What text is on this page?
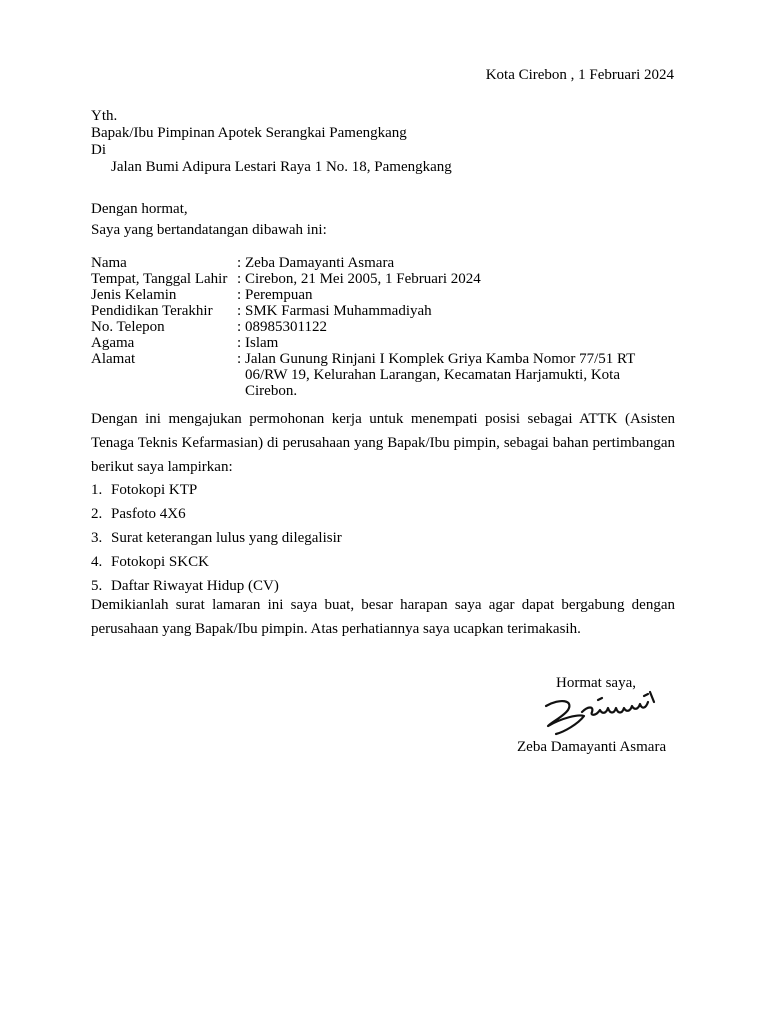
Kota Cirebon , 1 Februari 2024
Yth.
Bapak/Ibu Pimpinan Apotek Serangkai Pamengkang
Di
Jalan Bumi Adipura Lestari Raya 1 No. 18, Pamengkang
Dengan hormat,
Saya yang bertandatangan dibawah ini:
Nama	: Zeba Damayanti Asmara
Tempat, Tanggal Lahir : Cirebon, 21 Mei 2005, 1 Februari 2024
Jenis Kelamin	: Perempuan
Pendidikan Terakhir	: SMK Farmasi Muhammadiyah
No. Telepon	: 08985301122
Agama	: Islam
Alamat	: Jalan Gunung Rinjani I Komplek Griya Kamba Nomor 77/51 RT 06/RW 19, Kelurahan Larangan, Kecamatan Harjamukti, Kota Cirebon.
Dengan ini mengajukan permohonan kerja untuk menempati posisi sebagai ATTK (Asisten Tenaga Teknis Kefarmasian) di perusahaan yang Bapak/Ibu pimpin, sebagai bahan pertimbangan berikut saya lampirkan:
1. Fotokopi KTP
2. Pasfoto 4X6
3. Surat keterangan lulus yang dilegalisir
4. Fotokopi SKCK
5. Daftar Riwayat Hidup (CV)
Demikianlah surat lamaran ini saya buat, besar harapan saya agar dapat bergabung dengan perusahaan yang Bapak/Ibu pimpin. Atas perhatiannya saya ucapkan terimakasih.
Hormat saya,
Zeba Damayanti Asmara
